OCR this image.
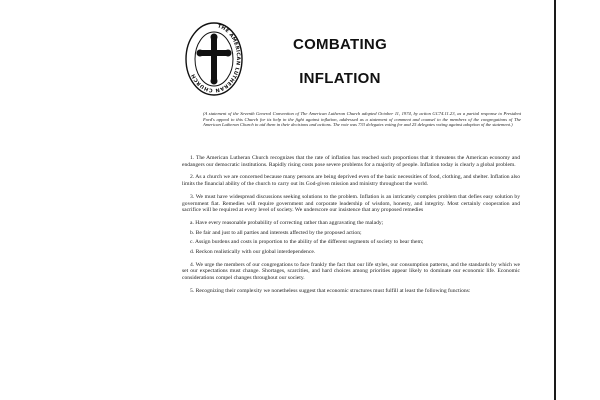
THE AMERICAN LUTHERAN CHURCH
COMBATING
INFLATION
(A statement of the Seventh General Convention of The American Lutheran Church adopted October 11, 1974, by action GC74.11.23, as a partial response to President Ford's appeal to this Church for its help in the fight against inflation, addressed as a statement of comment and counsel to the members of the congregations of The American Lutheran Church to aid them in their decisions and actions. The vote was 733 delegates voting for and 25 delegates voting against adoption of the statement.)

1. The American Lutheran Church recognizes that the rate of inflation has reached such proportions that it threatens the American economy and endangers our democratic institutions. Rapidly rising costs pose severe problems for a majority of people. Inflation today is clearly a global problem.

2. As a church we are concerned because many persons are being deprived even of the basic necessities of food, clothing, and shelter. Inflation also limits the financial ability of the church to carry out its God-given mission and ministry throughout the world.

3. We must have widespread discussions seeking solutions to the problem. Inflation is an intricately complex problem that defies easy solution by government fiat. Remedies will require government and corporate leadership of wisdom, honesty, and integrity. Most certainly cooperation and sacrifice will be required at every level of society. We underscore our insistence that any proposed remedies

a. Have every reasonable probability of correcting rather than aggravating the malady;

b. Be fair and just to all parties and interests affected by the proposed action;

c. Assign burdens and costs in proportion to the ability of the different segments of society to bear them;

d. Reckon realistically with our global interdependence.

4. We urge the members of our congregations to face frankly the fact that our life styles, our consumption patterns, and the standards by which we set our expectations must change. Shortages, scarcities, and hard choices among priorities appear likely to dominate our economic life. Economic considerations compel changes throughout our society.

5. Recognizing their complexity we nonetheless suggest that economic structures must fulfill at least the following functions:
